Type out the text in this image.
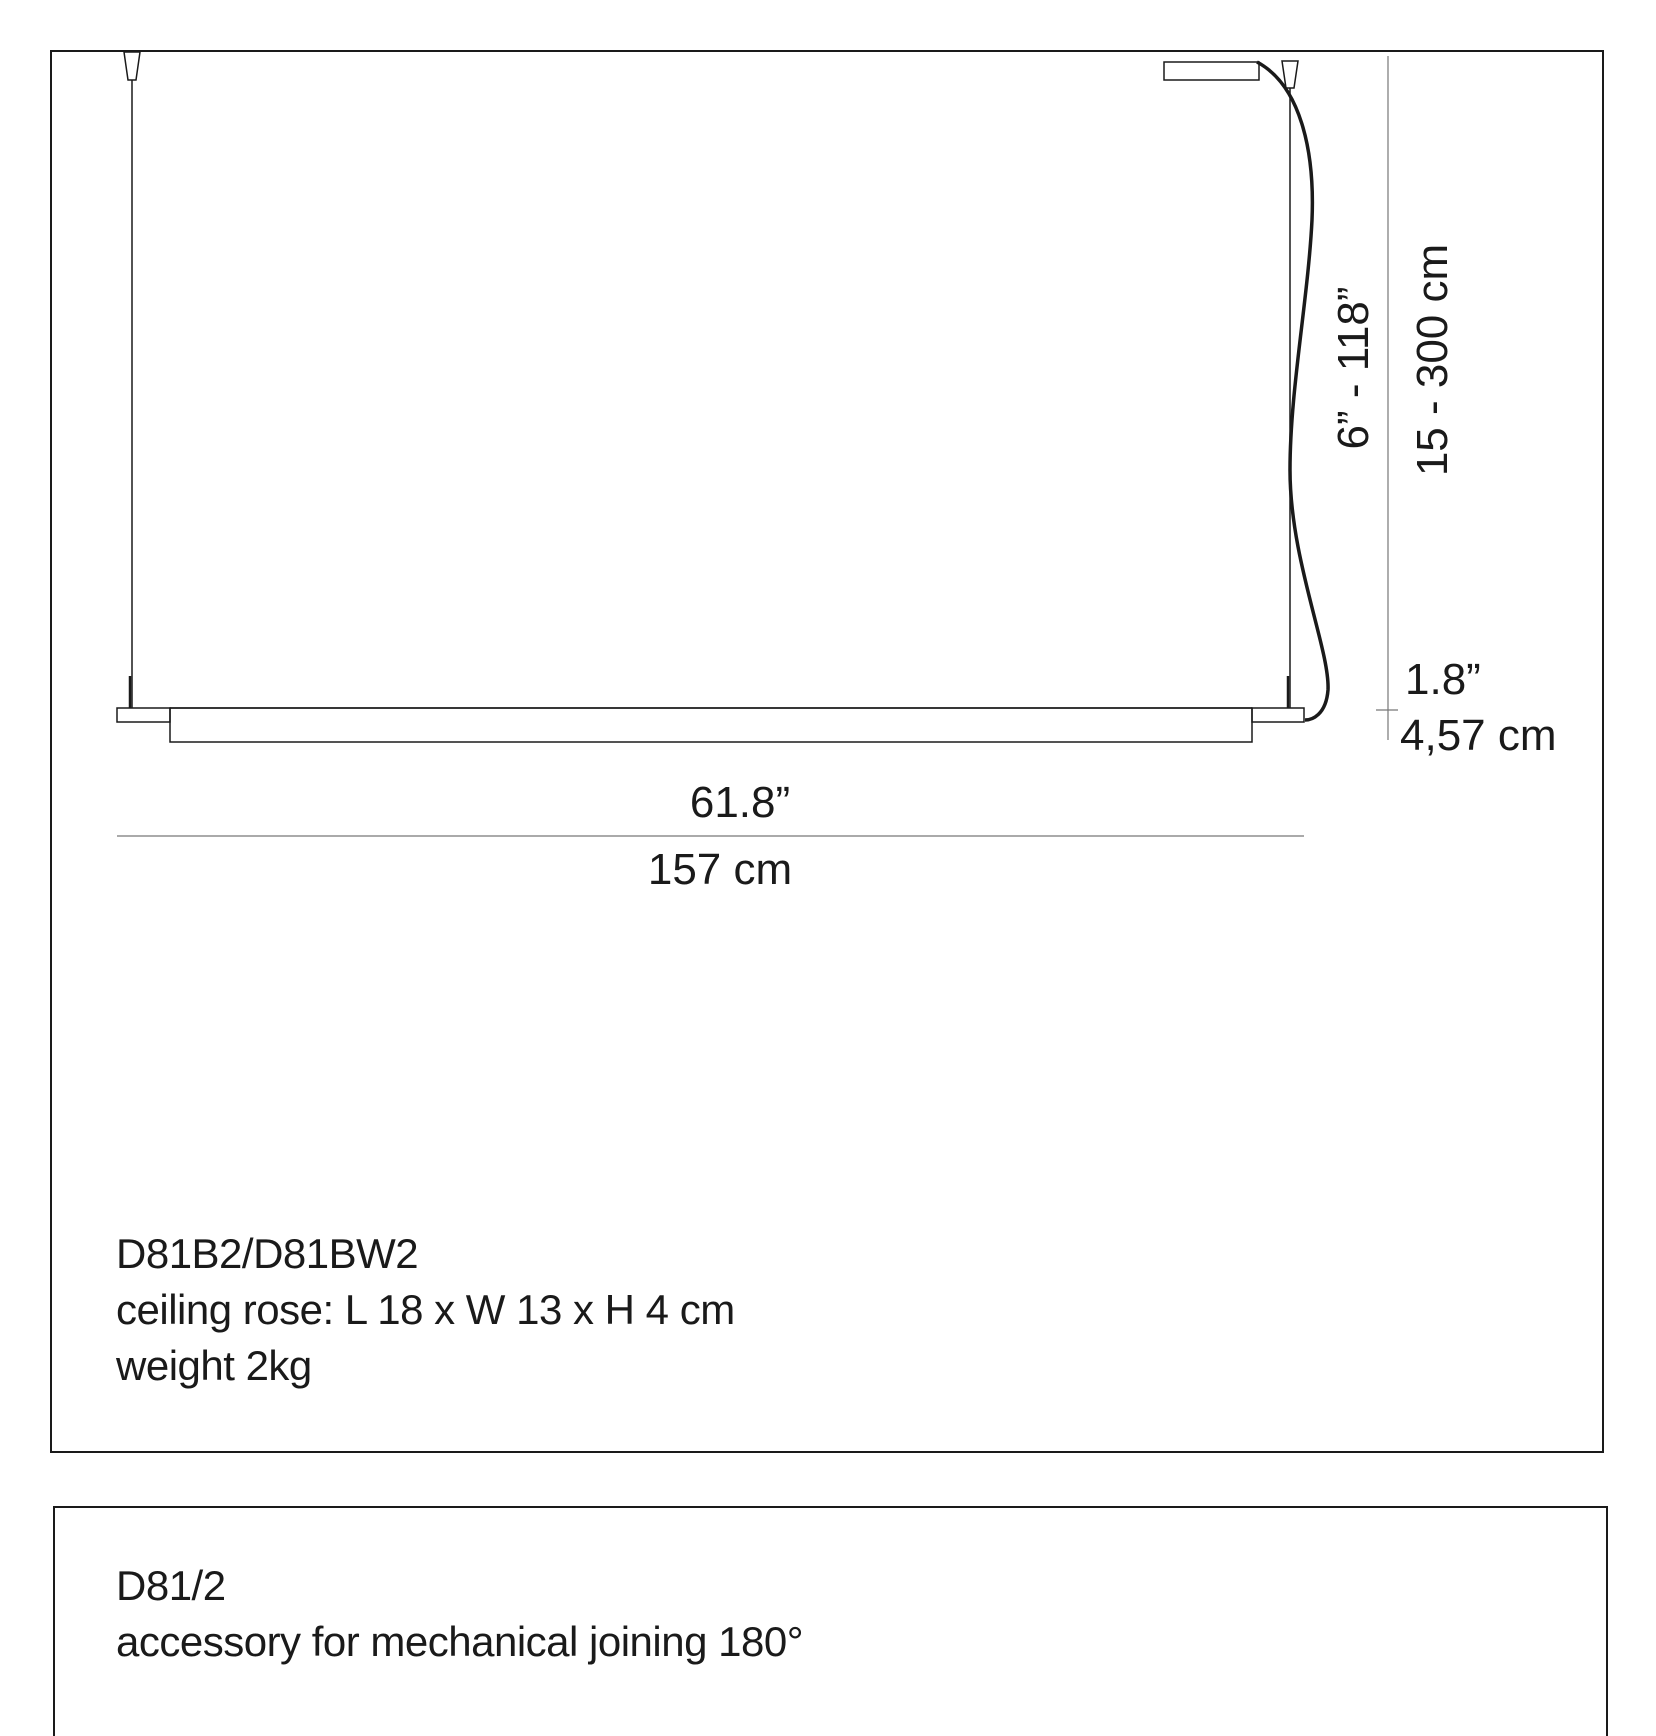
61.8”
157 cm
6” - 118” 15 - 300 cm
1.8”
4,57 cm
D81B2/D81BW2
ceiling rose: L 18 x W 13 x H 4 cm
weight 2kg
D81/2
accessory for mechanical joining 180°
